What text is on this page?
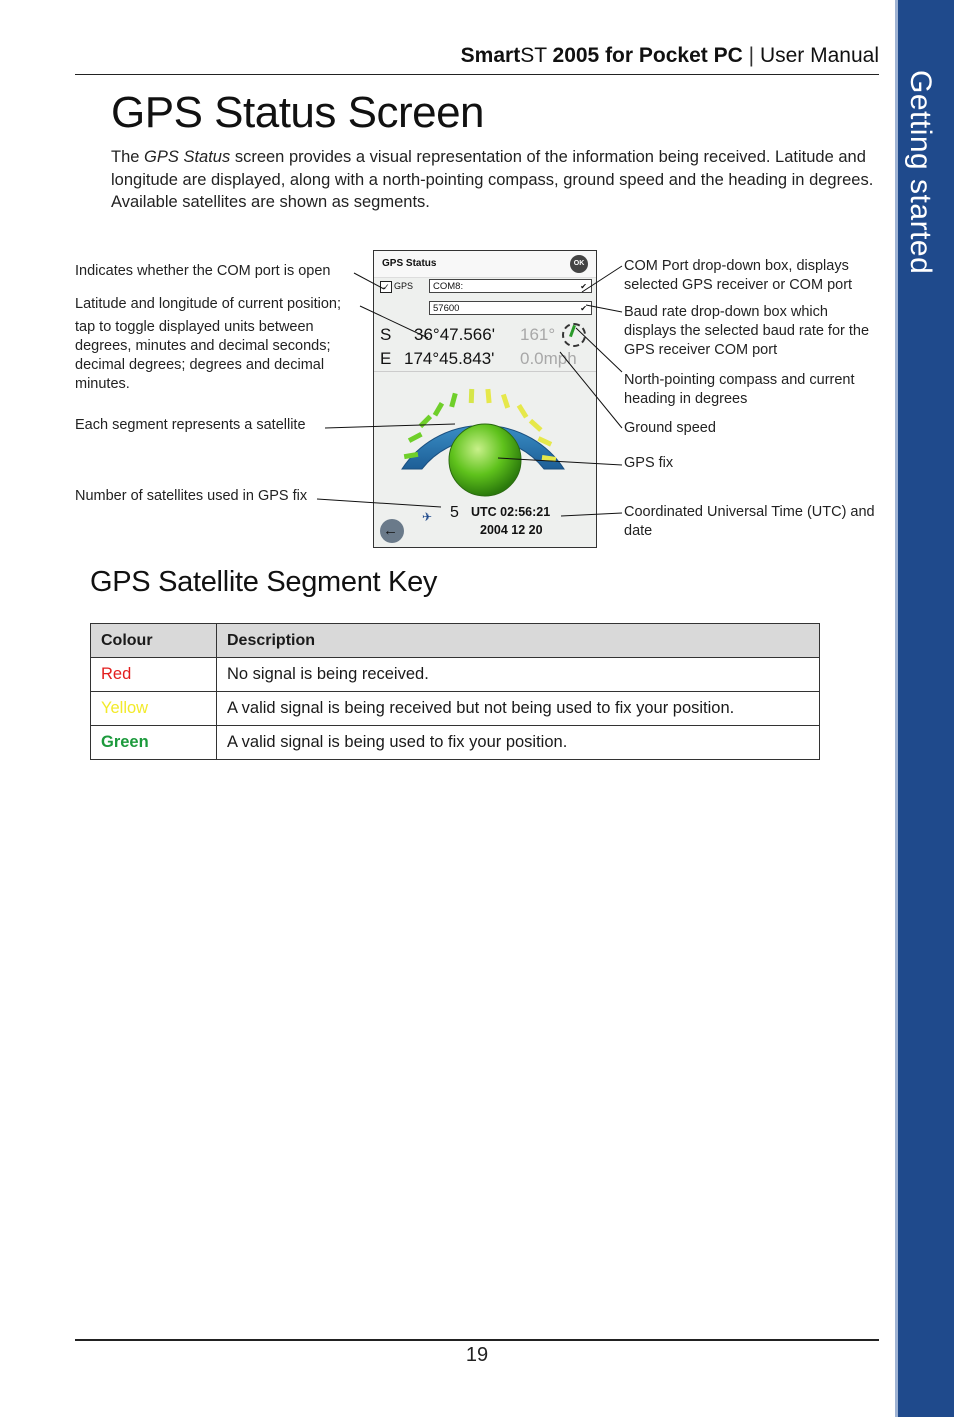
Getting started
SmartST 2005 for Pocket PC | User Manual
GPS Status Screen
The GPS Status screen provides a visual representation of the information being received. Latitude and longitude are displayed, along with a north-pointing compass, ground speed and the heading in degrees. Available satellites are shown as segments.
Indicates whether the COM port is open
Latitude and longitude of current position;
tap to toggle displayed units between degrees, minutes and decimal seconds; decimal degrees; degrees and decimal minutes.
Each segment represents a satellite
Number of satellites used in GPS fix
COM Port drop-down box, displays selected GPS receiver or COM port
Baud rate drop-down box which displays the selected baud rate for the GPS receiver COM port
North-pointing compass and current heading in degrees
Ground speed
GPS fix
Coordinated Universal Time (UTC) and date
GPS Status	OK
✓ GPS	COM8:	✔
57600	✔
S 36°47.566'
E 174°45.843'
161°
0.0mph
✈ 5 UTC 02:56:21
2004 12 20
←
GPS Satellite Segment Key
Colour	Description
Red	No signal is being received.
Yellow	A valid signal is being received but not being used to fix your position.
Green	A valid signal is being used to fix your position.
19
